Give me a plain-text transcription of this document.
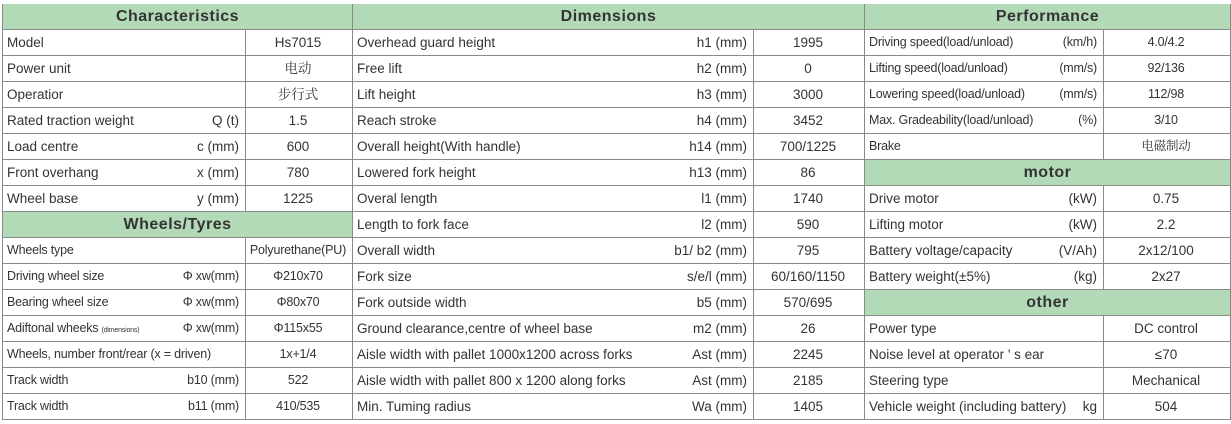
Characteristics
Model	Hs7015
Power unit	电动
Operatior	步行式
Rated traction weight	Q (t)	1.5
Load centre	c (mm)	600
Front overhang	x (mm)	780
Wheel base	y (mm)	1225
Wheels/Tyres
Wheels type	Polyurethane(PU)
Driving wheel size	Φ xw(mm)	Φ210x70
Bearing wheel size	Φ xw(mm)	Φ80x70
Adiftonal wheeks (dimensions)	Φ xw(mm)	Φ115x55
Wheels, number front/rear (x = driven)	1x+1/4
Track width	b10 (mm)	522
Track width	b11 (mm)	410/535
Dimensions
Overhead guard height	h1 (mm)	1995
Free lift	h2 (mm)	0
Lift height	h3 (mm)	3000
Reach stroke	h4 (mm)	3452
Overall height(With handle)	h14 (mm)	700/1225
Lowered fork height	h13 (mm)	86
Overal length	l1 (mm)	1740
Length to fork face	l2 (mm)	590
Overall width	b1/ b2 (mm)	795
Fork size	s/e/l (mm)	60/160/1150
Fork outside width	b5 (mm)	570/695
Ground clearance,centre of wheel base	m2 (mm)	26
Aisle width with pallet 1000x1200 across forks	Ast (mm)	2245
Aisle width with pallet 800 x 1200 along forks	Ast (mm)	2185
Min. Tuming radius	Wa (mm)	1405
Performance
Driving speed(load/unload)	(km/h)	4.0/4.2
Lifting speed(load/unload)	(mm/s)	92/136
Lowering speed(load/unload)	(mm/s)	112/98
Max. Gradeability(load/unload)	(%)	3/10
Brake	电磁制动
motor
Drive motor	(kW)	0.75
Lifting motor	(kW)	2.2
Battery voltage/capacity	(V/Ah)	2x12/100
Battery weight(±5%)	(kg)	2x27
other
Power type	DC control
Noise level at operator ' s ear	≤70
Steering type	Mechanical
Vehicle weight (including battery) kg	504
